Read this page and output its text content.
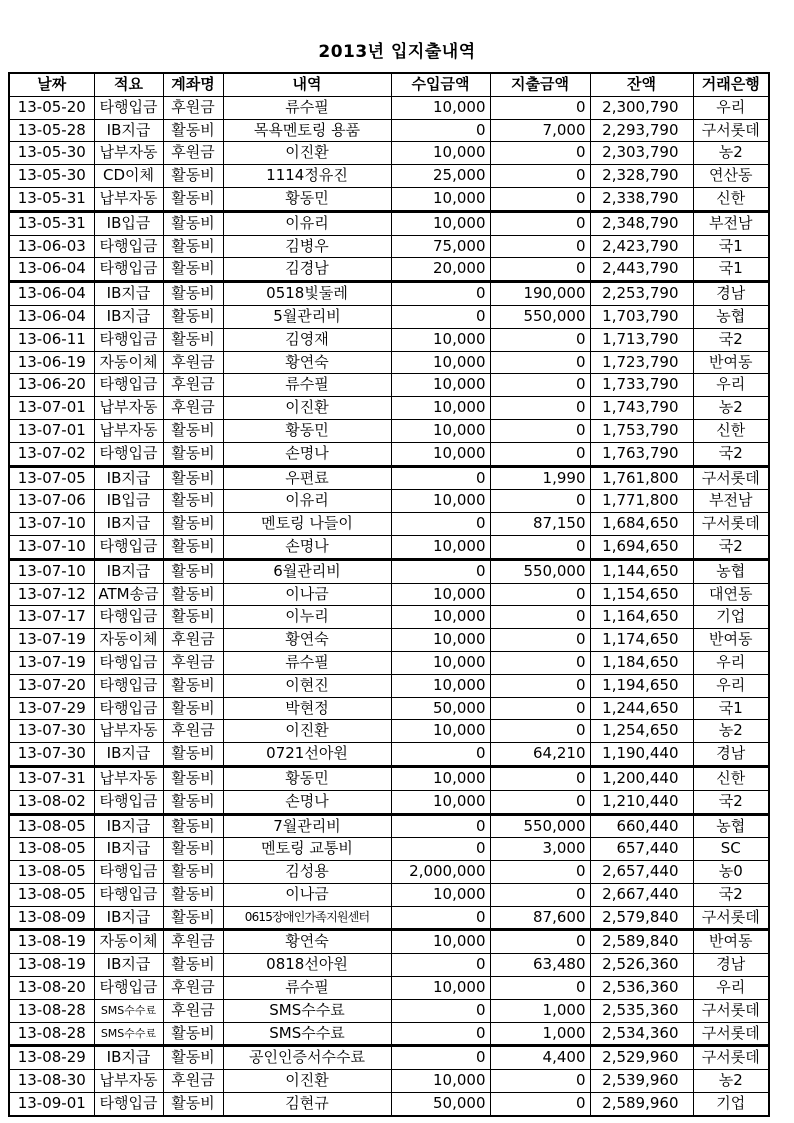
2013년 입지출내역
날짜	적요	계좌명	내역	수입금액	지출금액	잔액	거래은행
13-05-20	타행입금	후원금	류수필	10,000	0	2,300,790	우리
13-05-28	IB지급	활동비	목욕멘토링 용품	0	7,000	2,293,790	구서롯데
13-05-30	납부자동	후원금	이진환	10,000	0	2,303,790	농2
13-05-30	CD이체	활동비	1114정유진	25,000	0	2,328,790	연산동
13-05-31	납부자동	활동비	황동민	10,000	0	2,338,790	신한
13-05-31	IB입금	활동비	이유리	10,000	0	2,348,790	부전남
13-06-03	타행입금	활동비	김병우	75,000	0	2,423,790	국1
13-06-04	타행입금	활동비	김경남	20,000	0	2,443,790	국1
13-06-04	IB지급	활동비	0518빛둘레	0	190,000	2,253,790	경남
13-06-04	IB지급	활동비	5월관리비	0	550,000	1,703,790	농협
13-06-11	타행입금	활동비	김영재	10,000	0	1,713,790	국2
13-06-19	자동이체	후원금	황연숙	10,000	0	1,723,790	반여동
13-06-20	타행입금	후원금	류수필	10,000	0	1,733,790	우리
13-07-01	납부자동	후원금	이진환	10,000	0	1,743,790	농2
13-07-01	납부자동	활동비	황동민	10,000	0	1,753,790	신한
13-07-02	타행입금	활동비	손명나	10,000	0	1,763,790	국2
13-07-05	IB지급	활동비	우편료	0	1,990	1,761,800	구서롯데
13-07-06	IB입금	활동비	이유리	10,000	0	1,771,800	부전남
13-07-10	IB지급	활동비	멘토링 나들이	0	87,150	1,684,650	구서롯데
13-07-10	타행입금	활동비	손명나	10,000	0	1,694,650	국2
13-07-10	IB지급	활동비	6월관리비	0	550,000	1,144,650	농협
13-07-12	ATM송금	활동비	이나금	10,000	0	1,154,650	대연동
13-07-17	타행입금	활동비	이누리	10,000	0	1,164,650	기업
13-07-19	자동이체	후원금	황연숙	10,000	0	1,174,650	반여동
13-07-19	타행입금	후원금	류수필	10,000	0	1,184,650	우리
13-07-20	타행입금	활동비	이현진	10,000	0	1,194,650	우리
13-07-29	타행입금	활동비	박현정	50,000	0	1,244,650	국1
13-07-30	납부자동	후원금	이진환	10,000	0	1,254,650	농2
13-07-30	IB지급	활동비	0721선아원	0	64,210	1,190,440	경남
13-07-31	납부자동	활동비	황동민	10,000	0	1,200,440	신한
13-08-02	타행입금	활동비	손명나	10,000	0	1,210,440	국2
13-08-05	IB지급	활동비	7월관리비	0	550,000	660,440	농협
13-08-05	IB지급	활동비	멘토링 교통비	0	3,000	657,440	SC
13-08-05	타행입금	활동비	김성용	2,000,000	0	2,657,440	농0
13-08-05	타행입금	활동비	이나금	10,000	0	2,667,440	국2
13-08-09	IB지급	활동비	0615장애인가족지원센터	0	87,600	2,579,840	구서롯데
13-08-19	자동이체	후원금	황연숙	10,000	0	2,589,840	반여동
13-08-19	IB지급	활동비	0818선아원	0	63,480	2,526,360	경남
13-08-20	타행입금	후원금	류수필	10,000	0	2,536,360	우리
13-08-28	SMS수수료	후원금	SMS수수료	0	1,000	2,535,360	구서롯데
13-08-28	SMS수수료	활동비	SMS수수료	0	1,000	2,534,360	구서롯데
13-08-29	IB지급	활동비	공인인증서수수료	0	4,400	2,529,960	구서롯데
13-08-30	납부자동	후원금	이진환	10,000	0	2,539,960	농2
13-09-01	타행입금	활동비	김현규	50,000	0	2,589,960	기업
